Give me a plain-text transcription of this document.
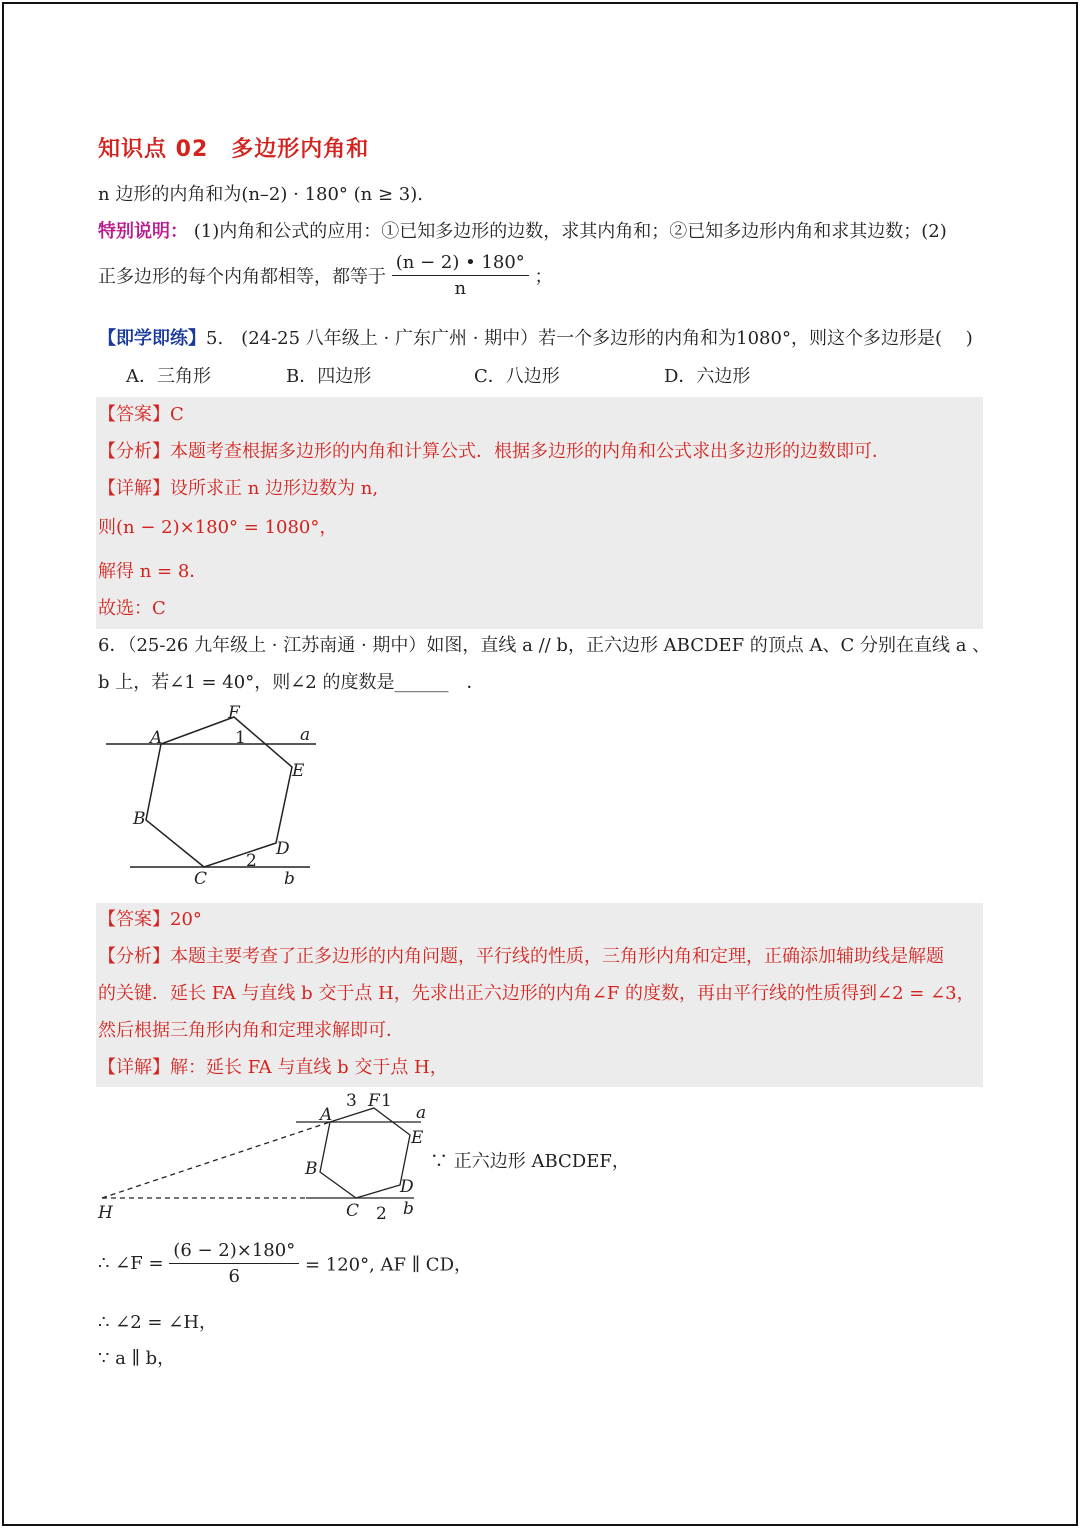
知识点 02　多边形内角和
n 边形的内角和为(n–2) · 180° (n ≥ 3).
特别说明： (1)内角和公式的应用：①已知多边形的边数，求其内角和；②已知多边形内角和求其边数；(2)
正多边形的每个内角都相等，都等于 $\frac{(n - 2) • 180^\circ}{n}$ ；
【即学即练】5.　(24-25 八年级上 · 广东广州 · 期中）若一个多边形的内角和为1080°，则这个多边形是(　 )
A．三角形	B．四边形	C．八边形	D．六边形
【答案】C
【分析】本题考查根据多边形的内角和计算公式．根据多边形的内角和公式求出多边形的边数即可．
【详解】设所求正 n 边形边数为 n,
则(n − 2)×180° = 1080°，
解得 n = 8．
故选：C
6．（25-26 九年级上 · 江苏南通 · 期中）如图，直线 a // b，正六边形 ABCDEF 的顶点 A、C 分别在直线 a 、
b 上，若∠1 = 40°，则∠2 的度数是______　．
A
F
1	a
E
B
D
2
C	b
【答案】20°
【分析】本题主要考查了正多边形的内角问题，平行线的性质，三角形内角和定理，正确添加辅助线是解题
的关键．延长 FA 与直线 b 交于点 H，先求出正六边形的内角∠F 的度数，再由平行线的性质得到∠2 = ∠3，
然后根据三角形内角和定理求解即可．
【详解】解：延长 FA 与直线 b 交于点 H，
A
3 F 1
a
E
B
D
C 2 b
H
∵ 正六边形 ABCDEF，
∴ ∠F = $\frac{(6 - 2)\times 180^\circ}{6} = 120^\circ$, AF ∥ CD，
∴ ∠2 = ∠H，
∵ a ∥ b，
